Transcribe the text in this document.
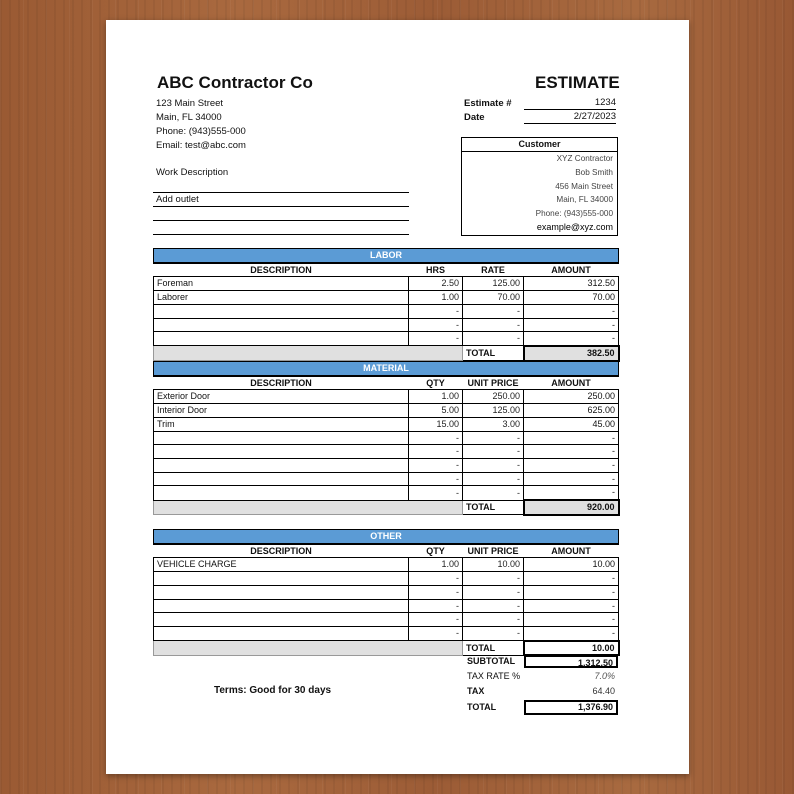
ABC Contractor Co
123 Main Street
Main, FL 34000
Phone: (943)555-000
Email: test@abc.com
ESTIMATE
Estimate #	1234
Date	2/27/2023
Customer
XYZ Contractor
Bob Smith
456 Main Street
Main, FL 34000
Phone: (943)555-000
example@xyz.com
Work Description
Add outlet
LABOR			
DESCRIPTION	HRS	RATE	AMOUNT
Foreman	2.50	125.00	312.50
Laborer	1.00	70.00	70.00
	-	-	-
	-	-	-
	-	-	-
		TOTAL	382.50
MATERIAL			
DESCRIPTION	QTY	UNIT PRICE	AMOUNT
Exterior Door	1.00	250.00	250.00
Interior Door	5.00	125.00	625.00
Trim	15.00	3.00	45.00
	-	-	-
	-	-	-
	-	-	-
	-	-	-
	-	-	-
		TOTAL	920.00
OTHER			
DESCRIPTION	QTY	UNIT PRICE	AMOUNT
VEHICLE CHARGE	1.00	10.00	10.00
	-	-	-
	-	-	-
	-	-	-
	-	-	-
	-	-	-
		TOTAL	10.00
SUBTOTAL	1,312.50
TAX RATE %	7.0%
TAX	64.40
TOTAL	1,376.90
Terms: Good for 30 days
